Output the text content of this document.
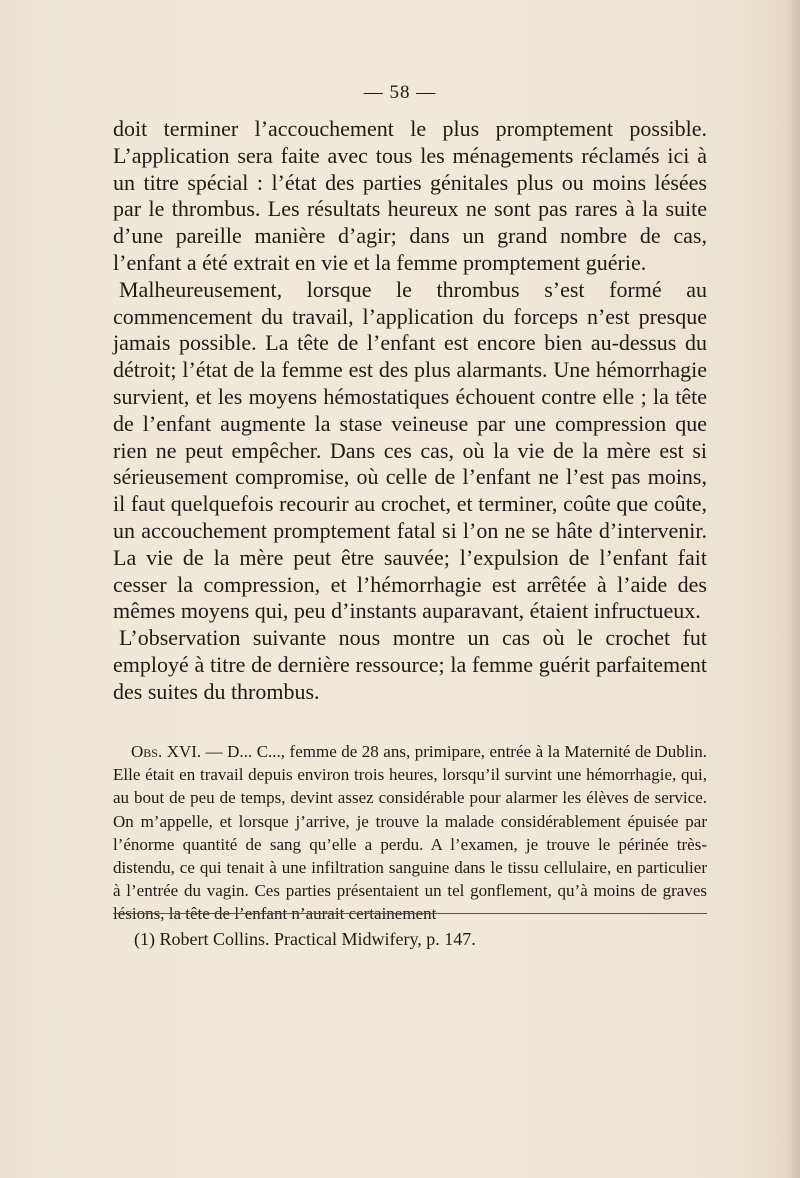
— 58 —

doit terminer l’accouchement le plus promptement possible. L’application sera faite avec tous les ménagements réclamés ici à un titre spécial : l’état des parties génitales plus ou moins lésées par le thrombus. Les résultats heureux ne sont pas rares à la suite d’une pareille manière d’agir; dans un grand nombre de cas, l’enfant a été extrait en vie et la femme promptement guérie.

Malheureusement, lorsque le thrombus s’est formé au commencement du travail, l’application du forceps n’est presque jamais possible. La tête de l’enfant est encore bien au-dessus du détroit; l’état de la femme est des plus alarmants. Une hémorrhagie survient, et les moyens hémostatiques échouent contre elle ; la tête de l’enfant augmente la stase veineuse par une compression que rien ne peut empêcher. Dans ces cas, où la vie de la mère est si sérieusement compromise, où celle de l’enfant ne l’est pas moins, il faut quelquefois recourir au crochet, et terminer, coûte que coûte, un accouchement promptement fatal si l’on ne se hâte d’intervenir. La vie de la mère peut être sauvée; l’expulsion de l’enfant fait cesser la compression, et l’hémorrhagie est arrêtée à l’aide des mêmes moyens qui, peu d’instants auparavant, étaient infructueux.

L’observation suivante nous montre un cas où le crochet fut employé à titre de dernière ressource; la femme guérit parfaitement des suites du thrombus.

Obs. XVI. — D... C..., femme de 28 ans, primipare, entrée à la Maternité de Dublin. Elle était en travail depuis environ trois heures, lorsqu’il survint une hémorrhagie, qui, au bout de peu de temps, devint assez considérable pour alarmer les élèves de service. On m’appelle, et lorsque j’arrive, je trouve la malade considérablement épuisée par l’énorme quantité de sang qu’elle a perdu. A l’examen, je trouve le périnée très-distendu, ce qui tenait à une infiltration sanguine dans le tissu cellulaire, en particulier à l’entrée du vagin. Ces parties présentaient un tel gonflement, qu’à moins de graves lésions, la tête de l’enfant n’aurait certainement

(1) Robert Collins. Practical Midwifery, p. 147.
